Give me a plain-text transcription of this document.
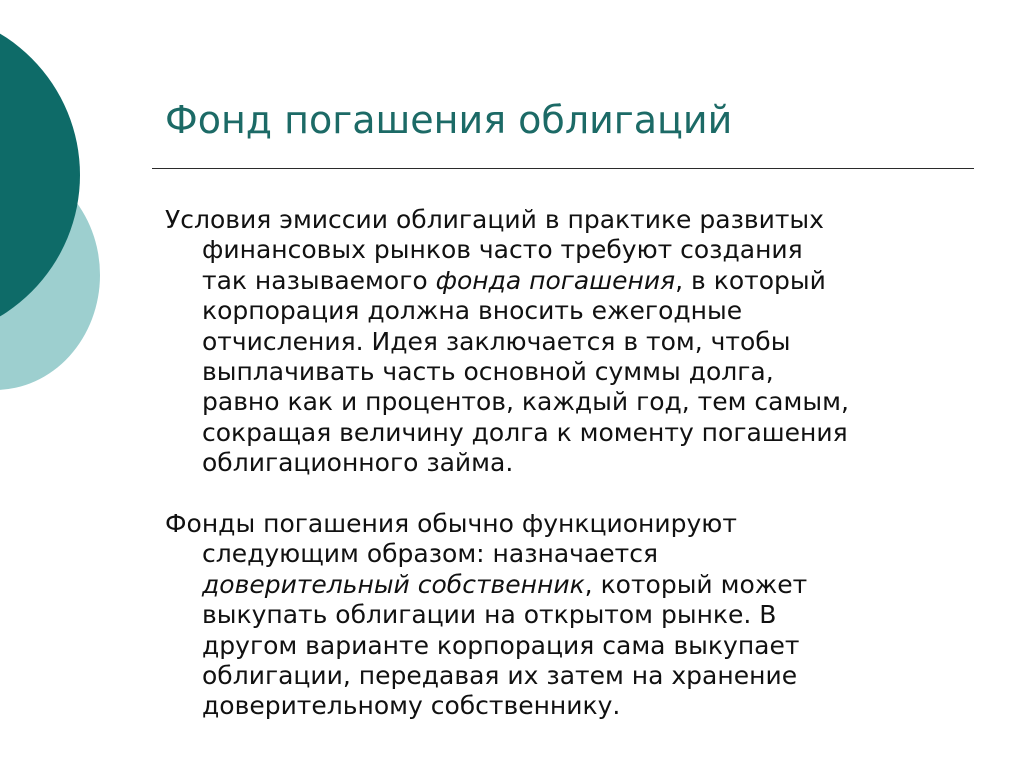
Фонд погашения облигаций

Условия эмиссии облигаций в практике развитых
финансовых рынков часто требуют создания
так называемого фонда погашения, в который
корпорация должна вносить ежегодные
отчисления. Идея заключается в том, чтобы
выплачивать часть основной суммы долга,
равно как и процентов, каждый год, тем самым,
сокращая величину долга к моменту погашения
облигационного займа.

Фонды погашения обычно функционируют
следующим образом: назначается
доверительный собственник, который может
выкупать облигации на открытом рынке. В
другом варианте корпорация сама выкупает
облигации, передавая их затем на хранение
доверительному собственнику.
